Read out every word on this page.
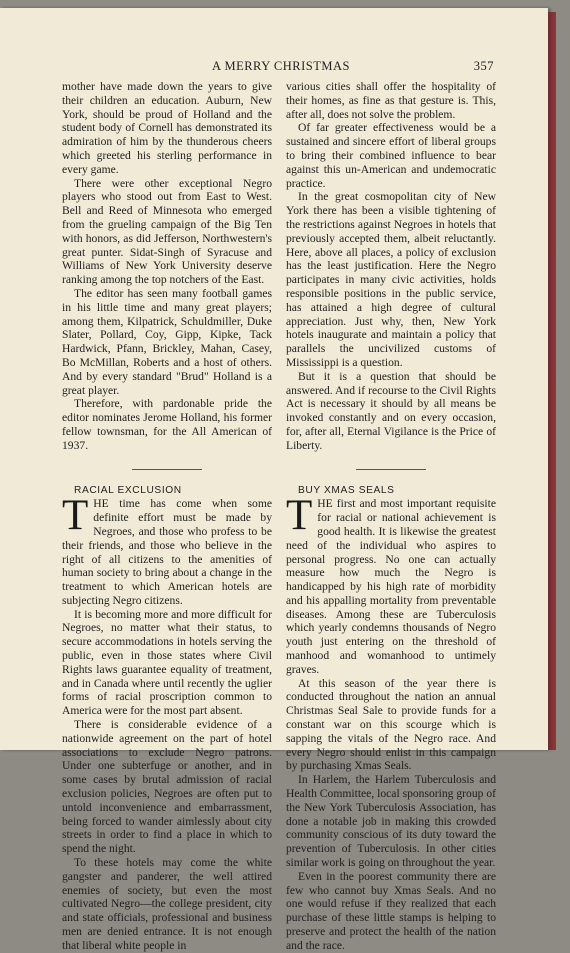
A MERRY CHRISTMAS	357

mother have made down the years to give their children an education. Auburn, New York, should be proud of Holland and the student body of Cornell has demonstrated its admiration of him by the thunderous cheers which greeted his sterling performance in every game.

There were other exceptional Negro players who stood out from East to West. Bell and Reed of Minnesota who emerged from the grueling campaign of the Big Ten with honors, as did Jefferson, Northwestern's great punter. Sidat-Singh of Syracuse and Williams of New York University deserve ranking among the top notchers of the East.

The editor has seen many football games in his little time and many great players; among them, Kilpatrick, Schuldmiller, Duke Slater, Pollard, Coy, Gipp, Kipke, Tack Hardwick, Pfann, Brickley, Mahan, Casey, Bo McMillan, Roberts and a host of others. And by every standard "Brud" Holland is a great player.

Therefore, with pardonable pride the editor nominates Jerome Holland, his former fellow townsman, for the All American of 1937.

RACIAL EXCLUSION

THE time has come when some definite effort must be made by Negroes, and those who profess to be their friends, and those who believe in the right of all citizens to the amenities of human society to bring about a change in the treatment to which American hotels are subjecting Negro citizens.

It is becoming more and more difficult for Negroes, no matter what their status, to secure accommodations in hotels serving the public, even in those states where Civil Rights laws guarantee equality of treatment, and in Canada where until recently the uglier forms of racial proscription common to America were for the most part absent.

There is considerable evidence of a nationwide agreement on the part of hotel associations to exclude Negro patrons. Under one subterfuge or another, and in some cases by brutal admission of racial exclusion policies, Negroes are often put to untold inconvenience and embarrassment, being forced to wander aimlessly about city streets in order to find a place in which to spend the night.

To these hotels may come the white gangster and panderer, the well attired enemies of society, but even the most cultivated Negro—the college president, city and state officials, professional and business men are denied entrance. It is not enough that liberal white people in

various cities shall offer the hospitality of their homes, as fine as that gesture is. This, after all, does not solve the problem.

Of far greater effectiveness would be a sustained and sincere effort of liberal groups to bring their combined influence to bear against this un-American and undemocratic practice.

In the great cosmopolitan city of New York there has been a visible tightening of the restrictions against Negroes in hotels that previously accepted them, albeit reluctantly. Here, above all places, a policy of exclusion has the least justification. Here the Negro participates in many civic activities, holds responsible positions in the public service, has attained a high degree of cultural appreciation. Just why, then, New York hotels inaugurate and maintain a policy that parallels the uncivilized customs of Mississippi is a question.

But it is a question that should be answered. And if recourse to the Civil Rights Act is necessary it should by all means be invoked constantly and on every occasion, for, after all, Eternal Vigilance is the Price of Liberty.

BUY XMAS SEALS

THE first and most important requisite for racial or national achievement is good health. It is likewise the greatest need of the individual who aspires to personal progress. No one can actually measure how much the Negro is handicapped by his high rate of morbidity and his appalling mortality from preventable diseases. Among these are Tuberculosis which yearly condemns thousands of Negro youth just entering on the threshold of manhood and womanhood to untimely graves.

At this season of the year there is conducted throughout the nation an annual Christmas Seal Sale to provide funds for a constant war on this scourge which is sapping the vitals of the Negro race. And every Negro should enlist in this campaign by purchasing Xmas Seals.

In Harlem, the Harlem Tuberculosis and Health Committee, local sponsoring group of the New York Tuberculosis Association, has done a notable job in making this crowded community conscious of its duty toward the prevention of Tuberculosis. In other cities similar work is going on throughout the year.

Even in the poorest community there are few who cannot buy Xmas Seals. And no one would refuse if they realized that each purchase of these little stamps is helping to preserve and protect the health of the nation and the race.
